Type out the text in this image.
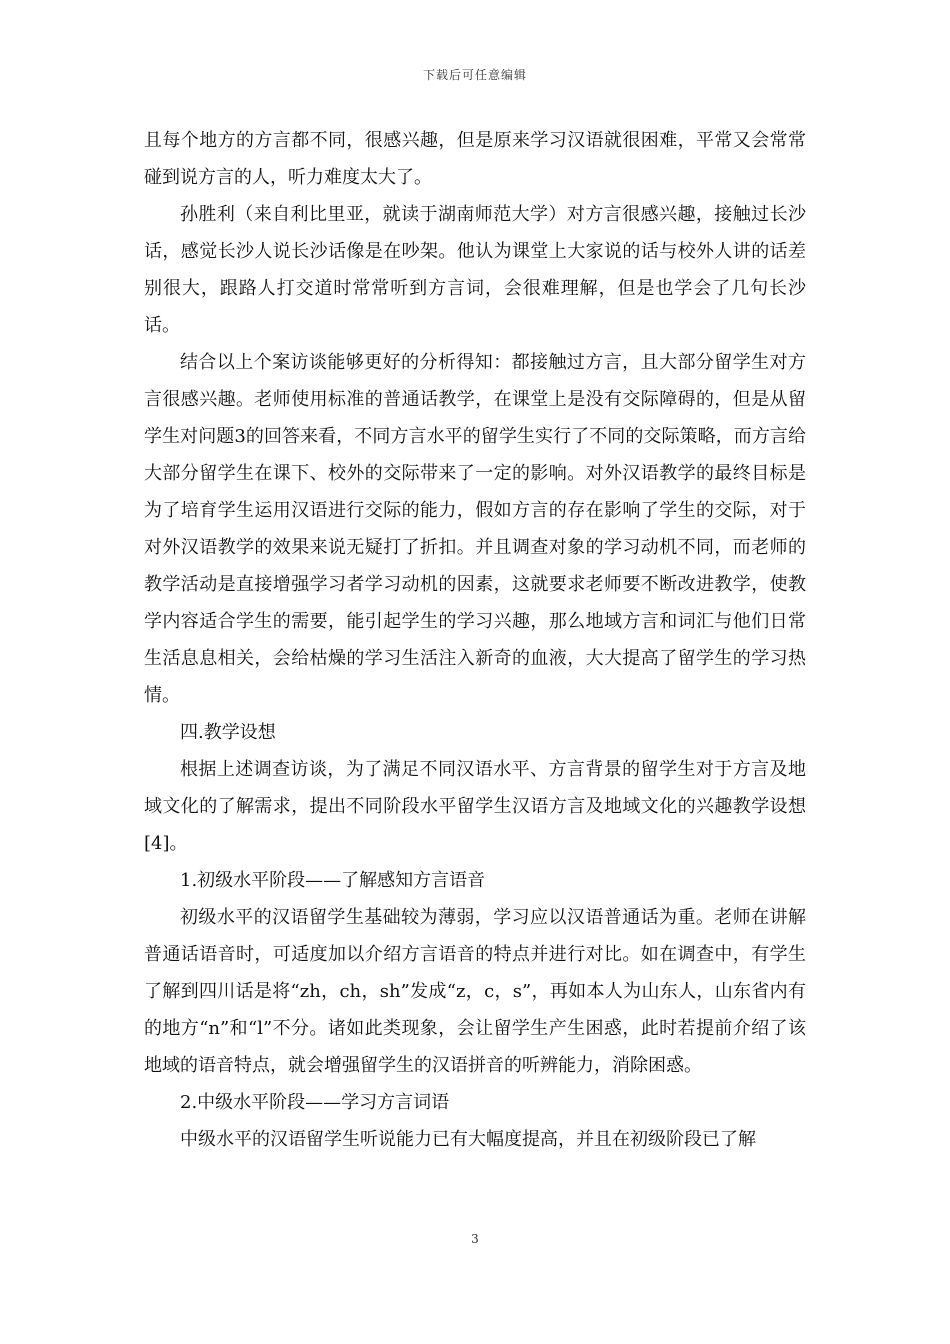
下载后可任意编辑

且每个地方的方言都不同，很感兴趣，但是原来学习汉语就很困难，平常又会常常碰到说方言的人，听力难度太大了。

孙胜利（来自利比里亚，就读于湖南师范大学）对方言很感兴趣，接触过长沙话，感觉长沙人说长沙话像是在吵架。他认为课堂上大家说的话与校外人讲的话差别很大，跟路人打交道时常常听到方言词，会很难理解，但是也学会了几句长沙话。

结合以上个案访谈能够更好的分析得知：都接触过方言，且大部分留学生对方言很感兴趣。老师使用标准的普通话教学，在课堂上是没有交际障碍的，但是从留学生对问题3的回答来看，不同方言水平的留学生实行了不同的交际策略，而方言给大部分留学生在课下、校外的交际带来了一定的影响。对外汉语教学的最终目标是为了培育学生运用汉语进行交际的能力，假如方言的存在影响了学生的交际，对于对外汉语教学的效果来说无疑打了折扣。并且调查对象的学习动机不同，而老师的教学活动是直接增强学习者学习动机的因素，这就要求老师要不断改进教学，使教学内容适合学生的需要，能引起学生的学习兴趣，那么地域方言和词汇与他们日常生活息息相关，会给枯燥的学习生活注入新奇的血液，大大提高了留学生的学习热情。

四.教学设想

根据上述调查访谈，为了满足不同汉语水平、方言背景的留学生对于方言及地域文化的了解需求，提出不同阶段水平留学生汉语方言及地域文化的兴趣教学设想[4]。

1.初级水平阶段——了解感知方言语音

初级水平的汉语留学生基础较为薄弱，学习应以汉语普通话为重。老师在讲解普通话语音时，可适度加以介绍方言语音的特点并进行对比。如在调查中，有学生了解到四川话是将“zh，ch，sh”发成“z，c，s”，再如本人为山东人，山东省内有的地方“n”和“l”不分。诸如此类现象，会让留学生产生困惑，此时若提前介绍了该地域的语音特点，就会增强留学生的汉语拼音的听辨能力，消除困惑。

2.中级水平阶段——学习方言词语

中级水平的汉语留学生听说能力已有大幅度提高，并且在初级阶段已了解

3
